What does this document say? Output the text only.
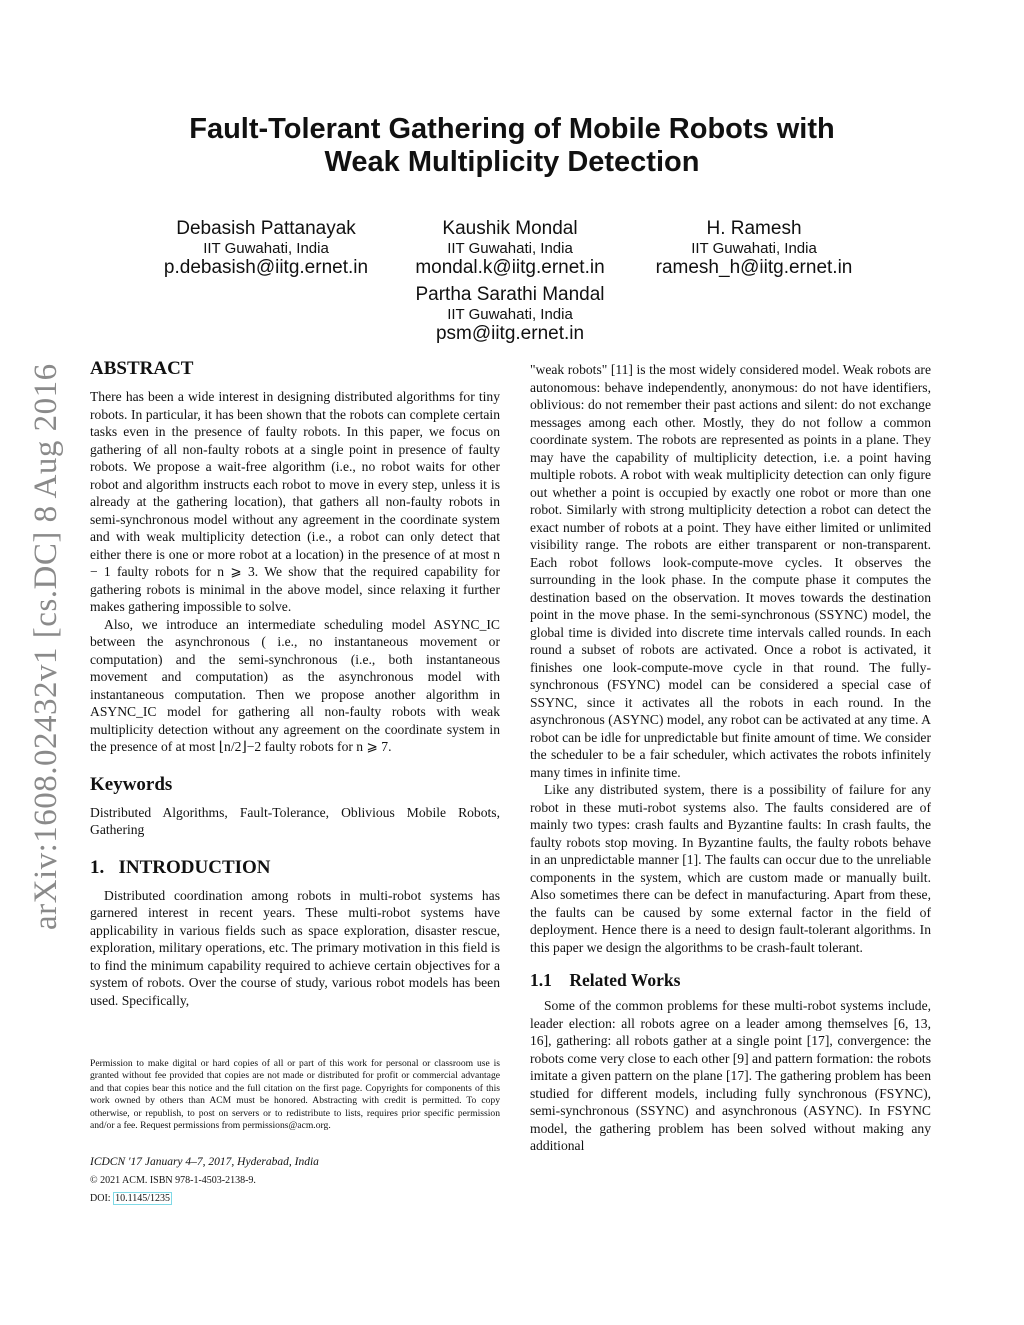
arXiv:1608.02432v1 [cs.DC] 8 Aug 2016
Fault-Tolerant Gathering of Mobile Robots with
Weak Multiplicity Detection
Debasish Pattanayak
IIT Guwahati, India
p.debasish@iitg.ernet.in
Kaushik Mondal
IIT Guwahati, India
mondal.k@iitg.ernet.in
H. Ramesh
IIT Guwahati, India
ramesh_h@iitg.ernet.in
Partha Sarathi Mandal
IIT Guwahati, India
psm@iitg.ernet.in
ABSTRACT

There has been a wide interest in designing distributed algorithms for tiny robots. In particular, it has been shown that the robots can complete certain tasks even in the presence of faulty robots. In this paper, we focus on gathering of all non-faulty robots at a single point in presence of faulty robots. We propose a wait-free algorithm (i.e., no robot waits for other robot and algorithm instructs each robot to move in every step, unless it is already at the gathering location), that gathers all non-faulty robots in semi-synchronous model without any agreement in the coordinate system and with weak multiplicity detection (i.e., a robot can only detect that either there is one or more robot at a location) in the presence of at most n − 1 faulty robots for n ⩾ 3. We show that the required capability for gathering robots is minimal in the above model, since relaxing it further makes gathering impossible to solve.

Also, we introduce an intermediate scheduling model ASYNC_IC between the asynchronous ( i.e., no instantaneous movement or computation) and the semi-synchronous (i.e., both instantaneous movement and computation) as the asynchronous model with instantaneous computation. Then we propose another algorithm in ASYNC_IC model for gathering all non-faulty robots with weak multiplicity detection without any agreement on the coordinate system in the presence of at most ⌊n/2⌋−2 faulty robots for n ⩾ 7.

Keywords

Distributed Algorithms, Fault-Tolerance, Oblivious Mobile Robots, Gathering

1.   INTRODUCTION

Distributed coordination among robots in multi-robot systems has garnered interest in recent years. These multi-robot systems have applicability in various fields such as space exploration, disaster rescue, exploration, military operations, etc. The primary motivation in this field is to find the minimum capability required to achieve certain objectives for a system of robots. Over the course of study, various robot models has been used. Specifically,

Permission to make digital or hard copies of all or part of this work for personal or classroom use is granted without fee provided that copies are not made or distributed for profit or commercial advantage and that copies bear this notice and the full citation on the first page. Copyrights for components of this work owned by others than ACM must be honored. Abstracting with credit is permitted. To copy otherwise, or republish, to post on servers or to redistribute to lists, requires prior specific permission and/or a fee. Request permissions from permissions@acm.org.
ICDCN '17 January 4–7, 2017, Hyderabad, India
© 2021 ACM. ISBN 978-1-4503-2138-9.
DOI: 10.1145/1235

"weak robots" [11] is the most widely considered model. Weak robots are autonomous: behave independently, anonymous: do not have identifiers, oblivious: do not remember their past actions and silent: do not exchange messages among each other. Mostly, they do not follow a common coordinate system. The robots are represented as points in a plane. They may have the capability of multiplicity detection, i.e. a point having multiple robots. A robot with weak multiplicity detection can only figure out whether a point is occupied by exactly one robot or more than one robot. Similarly with strong multiplicity detection a robot can detect the exact number of robots at a point. They have either limited or unlimited visibility range. The robots are either transparent or non-transparent. Each robot follows look-compute-move cycles. It observes the surrounding in the look phase. In the compute phase it computes the destination based on the observation. It moves towards the destination point in the move phase. In the semi-synchronous (SSYNC) model, the global time is divided into discrete time intervals called rounds. In each round a subset of robots are activated. Once a robot is activated, it finishes one look-compute-move cycle in that round. The fully-synchronous (FSYNC) model can be considered a special case of SSYNC, since it activates all the robots in each round. In the asynchronous (ASYNC) model, any robot can be activated at any time. A robot can be idle for unpredictable but finite amount of time. We consider the scheduler to be a fair scheduler, which activates the robots infinitely many times in infinite time.

Like any distributed system, there is a possibility of failure for any robot in these muti-robot systems also. The faults considered are of mainly two types: crash faults and Byzantine faults: In crash faults, the faulty robots stop moving. In Byzantine faults, the faulty robots behave in an unpredictable manner [1]. The faults can occur due to the unreliable components in the system, which are custom made or manually built. Also sometimes there can be defect in manufacturing. Apart from these, the faults can be caused by some external factor in the field of deployment. Hence there is a need to design fault-tolerant algorithms. In this paper we design the algorithms to be crash-fault tolerant.

1.1    Related Works

Some of the common problems for these multi-robot systems include, leader election: all robots agree on a leader among themselves [6, 13, 16], gathering: all robots gather at a single point [17], convergence: the robots come very close to each other [9] and pattern formation: the robots imitate a given pattern on the plane [17]. The gathering problem has been studied for different models, including fully synchronous (FSYNC), semi-synchronous (SSYNC) and asynchronous (ASYNC). In FSYNC model, the gathering problem has been solved without making any additional
